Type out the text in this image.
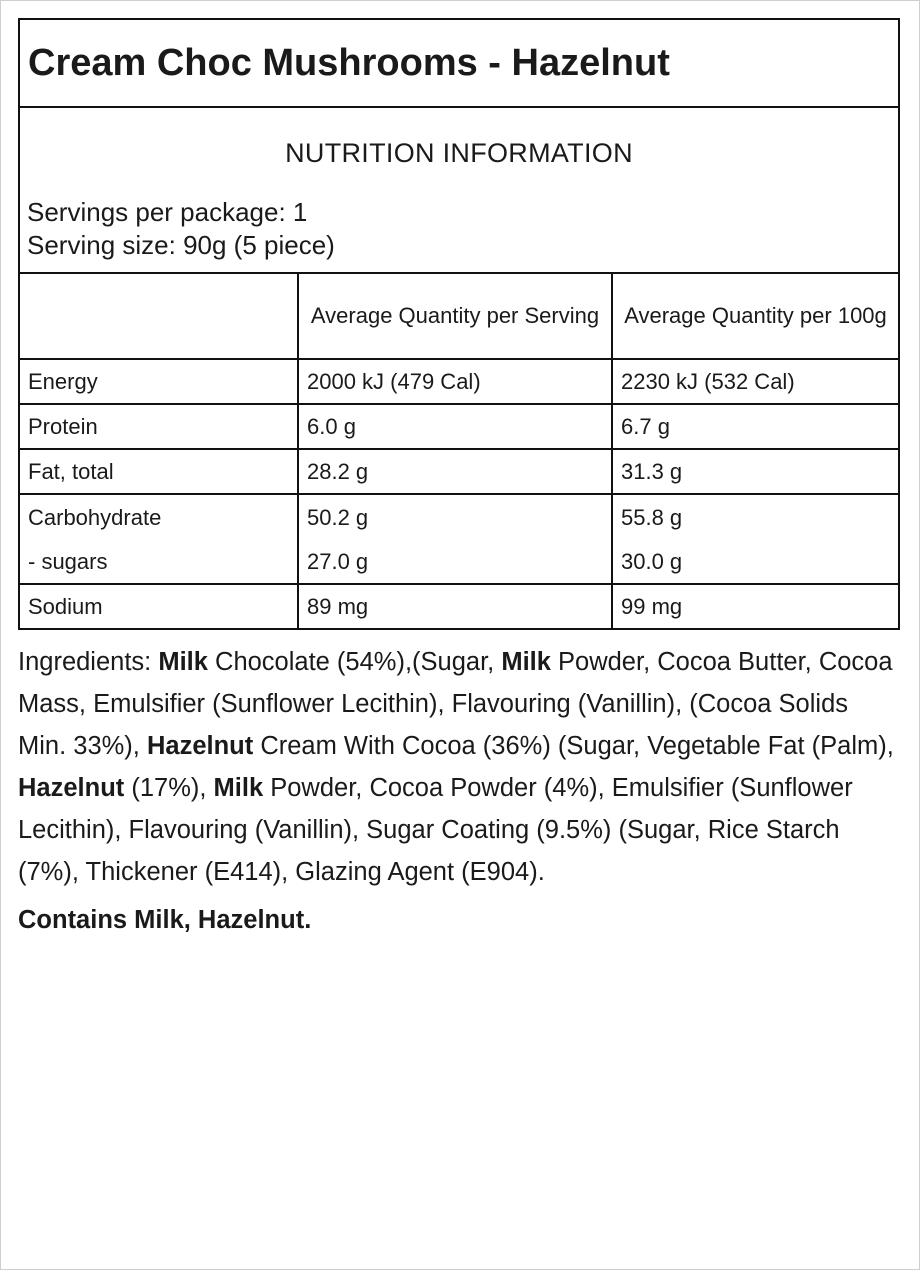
Cream Choc Mushrooms - Hazelnut
NUTRITION INFORMATION
Servings per package: 1
Serving size: 90g (5 piece)
	Average Quantity per Serving	Average Quantity per 100g
Energy	2000 kJ (479 Cal)	2230 kJ (532 Cal)
Protein	6.0 g	6.7 g
Fat, total	28.2 g	31.3 g
Carbohydrate	50.2 g	55.8 g
- sugars	27.0 g	30.0 g
Sodium	89 mg	99 mg
Ingredients: Milk Chocolate (54%),(Sugar, Milk Powder, Cocoa Butter, Cocoa Mass, Emulsifier (Sunflower Lecithin), Flavouring (Vanillin), (Cocoa Solids Min. 33%), Hazelnut Cream With Cocoa (36%) (Sugar, Vegetable Fat (Palm), Hazelnut (17%), Milk Powder, Cocoa Powder (4%), Emulsifier (Sunflower Lecithin), Flavouring (Vanillin), Sugar Coating (9.5%) (Sugar, Rice Starch (7%), Thickener (E414), Glazing Agent (E904).
Contains Milk, Hazelnut.
